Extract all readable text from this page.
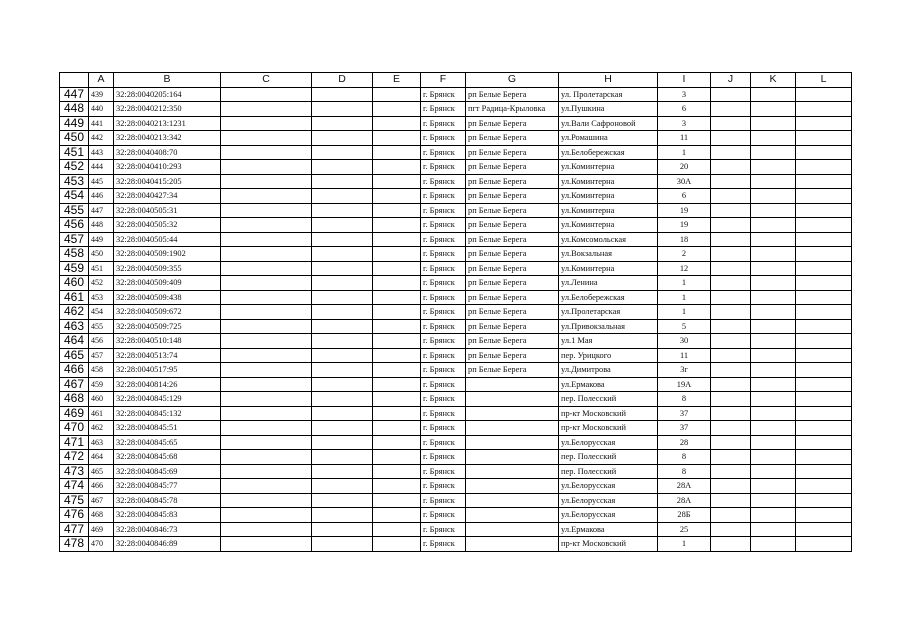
	A	B	C	D	E	F	G	H	I	J	K	L
447	439	32:28:0040205:164				г. Брянск	рп Белые Берега	ул. Пролетарская	3			
448	440	32:28:0040212:350				г. Брянск	пгт Радица-Крыловка	ул.Пушкина	6			
449	441	32:28:0040213:1231				г. Брянск	рп Белые Берега	ул.Вали Сафроновой	3			
450	442	32:28:0040213:342				г. Брянск	рп Белые Берега	ул.Ромашина	11			
451	443	32:28:0040408:70				г. Брянск	рп Белые Берега	ул.Белобережская	1			
452	444	32:28:0040410:293				г. Брянск	рп Белые Берега	ул.Коминтерна	20			
453	445	32:28:0040415:205				г. Брянск	рп Белые Берега	ул.Коминтерна	30А			
454	446	32:28:0040427:34				г. Брянск	рп Белые Берега	ул.Коминтерна	6			
455	447	32:28:0040505:31				г. Брянск	рп Белые Берега	ул.Коминтерна	19			
456	448	32:28:0040505:32				г. Брянск	рп Белые Берега	ул.Коминтерна	19			
457	449	32:28:0040505:44				г. Брянск	рп Белые Берега	ул.Комсомольская	18			
458	450	32:28:0040509:1902				г. Брянск	рп Белые Берега	ул.Вокзальная	2			
459	451	32:28:0040509:355				г. Брянск	рп Белые Берега	ул.Коминтерна	12			
460	452	32:28:0040509:409				г. Брянск	рп Белые Берега	ул.Ленина	1			
461	453	32:28:0040509:438				г. Брянск	рп Белые Берега	ул.Белобережская	1			
462	454	32:28:0040509:672				г. Брянск	рп Белые Берега	ул.Пролетарская	1			
463	455	32:28:0040509:725				г. Брянск	рп Белые Берега	ул.Привокзальная	5			
464	456	32:28:0040510:148				г. Брянск	рп Белые Берега	ул.1 Мая	30			
465	457	32:28:0040513:74				г. Брянск	рп Белые Берега	пер. Урицкого	11			
466	458	32:28:0040517:95				г. Брянск	рп Белые Берега	ул.Димитрова	3г			
467	459	32:28:0040814:26				г. Брянск		ул.Ермакова	19А			
468	460	32:28:0040845:129				г. Брянск		пер. Полесский	8			
469	461	32:28:0040845:132				г. Брянск		пр-кт Московский	37			
470	462	32:28:0040845:51				г. Брянск		пр-кт Московский	37			
471	463	32:28:0040845:65				г. Брянск		ул.Белорусская	28			
472	464	32:28:0040845:68				г. Брянск		пер. Полесский	8			
473	465	32:28:0040845:69				г. Брянск		пер. Полесский	8			
474	466	32:28:0040845:77				г. Брянск		ул.Белорусская	28А			
475	467	32:28:0040845:78				г. Брянск		ул.Белорусская	28А			
476	468	32:28:0040845:83				г. Брянск		ул.Белорусская	28Б			
477	469	32:28:0040846:73				г. Брянск		ул.Ермакова	25			
478	470	32:28:0040846:89				г. Брянск		пр-кт Московский	1			
